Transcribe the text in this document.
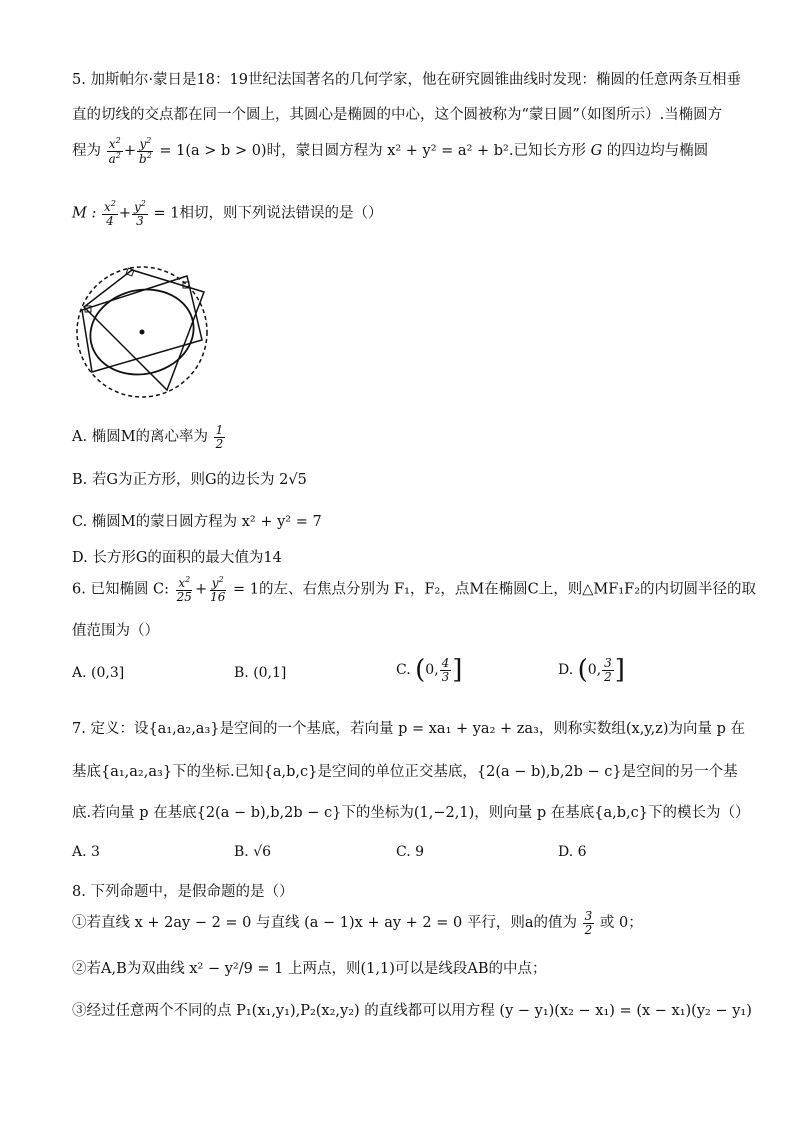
5. 加斯帕尔·蒙日是18：19世纪法国著名的几何学家，他在研究圆锥曲线时发现：椭圆的任意两条互相垂
直的切线的交点都在同一个圆上，其圆心是椭圆的中心，这个圆被称为“蒙日圆”（如图所示）.当椭圆方
程为 $\frac{x^2}{a^2} + \frac{y^2}{b^2} = 1(a > b > 0)$时，蒙日圆方程为 x² + y² = a² + b².已知长方形 G 的四边均与椭圆
M : $\frac{x^2}{4} + \frac{y^2}{3} = 1$相切，则下列说法错误的是（）
A. 椭圆M的离心率为 $\frac{1}{2}$
B. 若G为正方形，则G的边长为 2√5
C. 椭圆M的蒙日圆方程为 x² + y² = 7
D. 长方形G的面积的最大值为14
6. 已知椭圆 C: $\frac{x^2}{25} + \frac{y^2}{16} = 1$的左、右焦点分别为 F₁，F₂，点M在椭圆C上，则△MF₁F₂的内切圆半径的取
值范围为（）
A. (0,3]	B. (0,1]	C. (0, $\frac{4}{3}$ ]	D. (0, $\frac{3}{2}$ ]
7. 定义：设{a₁,a₂,a₃}是空间的一个基底，若向量 p = xa₁ + ya₂ + za₃，则称实数组(x,y,z)为向量 p 在
基底{a₁,a₂,a₃}下的坐标.已知{a,b,c}是空间的单位正交基底，{2(a − b),b,2b − c}是空间的另一个基
底.若向量 p 在基底{2(a − b),b,2b − c}下的坐标为(1,−2,1)，则向量 p 在基底{a,b,c}下的模长为（）
A. 3	B. √6	C. 9	D. 6
8. 下列命题中，是假命题的是（）
①若直线 x + 2ay − 2 = 0 与直线 (a − 1)x + ay + 2 = 0 平行，则a的值为 $\frac{3}{2}$ 或 0；
②若A,B为双曲线 x² − y²/9 = 1 上两点，则(1,1)可以是线段AB的中点；
③经过任意两个不同的点 P₁(x₁,y₁),P₂(x₂,y₂) 的直线都可以用方程 (y − y₁)(x₂ − x₁) = (x − x₁)(y₂ − y₁)
